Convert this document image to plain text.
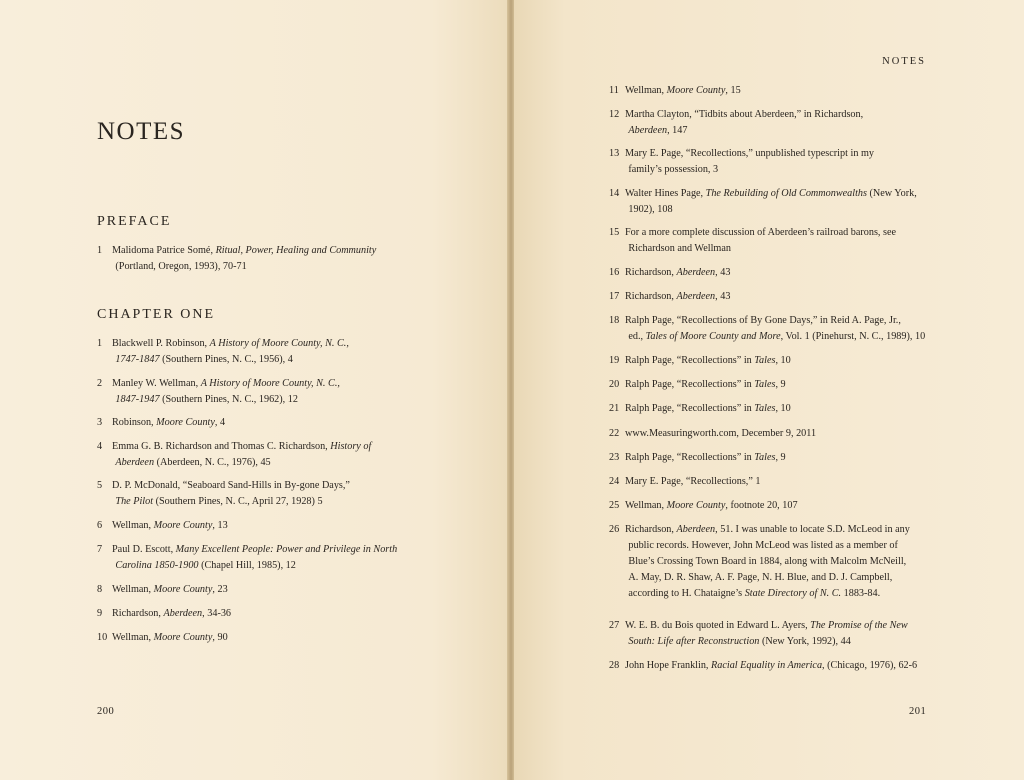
NOTES
PREFACE
1 Malidoma Patrice Somé, Ritual, Power, Healing and Community
  (Portland, Oregon, 1993), 70-71
CHAPTER ONE
1 Blackwell P. Robinson, A History of Moore County, N. C.,
  1747-1847 (Southern Pines, N. C., 1956), 4
2 Manley W. Wellman, A History of Moore County, N. C.,
  1847-1947 (Southern Pines, N. C., 1962), 12
3 Robinson, Moore County, 4
4 Emma G. B. Richardson and Thomas C. Richardson, History of
  Aberdeen (Aberdeen, N. C., 1976), 45
5 D. P. McDonald, “Seaboard Sand-Hills in By-gone Days,”
  The Pilot (Southern Pines, N. C., April 27, 1928) 5
6 Wellman, Moore County, 13
7 Paul D. Escott, Many Excellent People: Power and Privilege in North
  Carolina 1850-1900 (Chapel Hill, 1985), 12
8 Wellman, Moore County, 23
9 Richardson, Aberdeen, 34-36
10 Wellman, Moore County, 90
200
NOTES
11 Wellman, Moore County, 15
12 Martha Clayton, “Tidbits about Aberdeen,” in Richardson,
  Aberdeen, 147
13 Mary E. Page, “Recollections,” unpublished typescript in my
  family’s possession, 3
14 Walter Hines Page, The Rebuilding of Old Commonwealths (New York,
  1902), 108
15 For a more complete discussion of Aberdeen’s railroad barons, see
  Richardson and Wellman
16 Richardson, Aberdeen, 43
17 Richardson, Aberdeen, 43
18 Ralph Page, “Recollections of By Gone Days,” in Reid A. Page, Jr.,
  ed., Tales of Moore County and More, Vol. 1 (Pinehurst, N. C., 1989), 10
19 Ralph Page, “Recollections” in Tales, 10
20 Ralph Page, “Recollections” in Tales, 9
21 Ralph Page, “Recollections” in Tales, 10
22 www.Measuringworth.com, December 9, 2011
23 Ralph Page, “Recollections” in Tales, 9
24 Mary E. Page, “Recollections,” 1
25 Wellman, Moore County, footnote 20, 107
26 Richardson, Aberdeen, 51. I was unable to locate S.D. McLeod in any
  public records. However, John McLeod was listed as a member of
  Blue’s Crossing Town Board in 1884, along with Malcolm McNeill,
  A. May, D. R. Shaw, A. F. Page, N. H. Blue, and D. J. Campbell,
  according to H. Chataigne’s State Directory of N. C. 1883-84.
27 W. E. B. du Bois quoted in Edward L. Ayers, The Promise of the New
  South: Life after Reconstruction (New York, 1992), 44
28 John Hope Franklin, Racial Equality in America, (Chicago, 1976), 62-6
201
